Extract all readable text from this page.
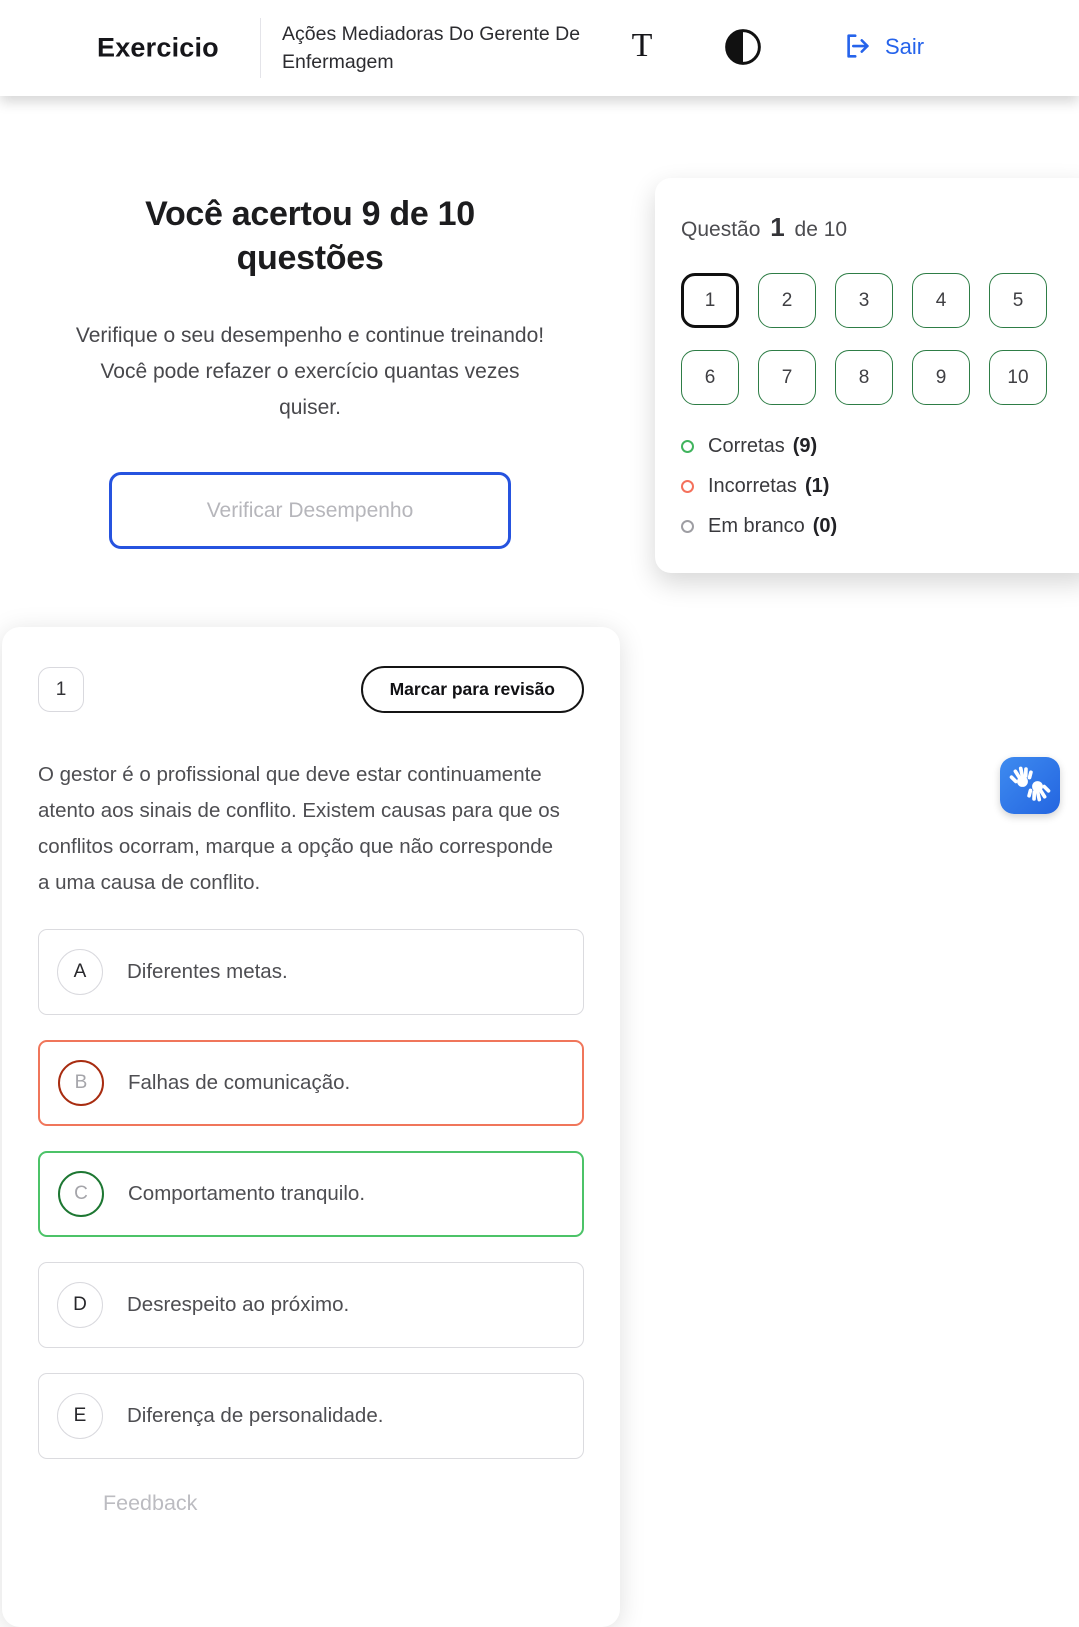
Exercicio	Ações Mediadoras Do Gerente De Enfermagem	T	Sair
Você acertou 9 de 10 questões

Verifique o seu desempenho e continue treinando! Você pode refazer o exercício quantas vezes quiser.

Verificar Desempenho
Questão 1 de 10
1	2	3	4	5
6	7	8	9	10
Corretas (9)
Incorretas (1)
Em branco (0)
1	Marcar para revisão

O gestor é o profissional que deve estar continuamente atento aos sinais de conflito. Existem causas para que os conflitos ocorram, marque a opção que não corresponde a uma causa de conflito.

A	Diferentes metas.
B	Falhas de comunicação.
C	Comportamento tranquilo.
D	Desrespeito ao próximo.
E	Diferença de personalidade.
Feedback
